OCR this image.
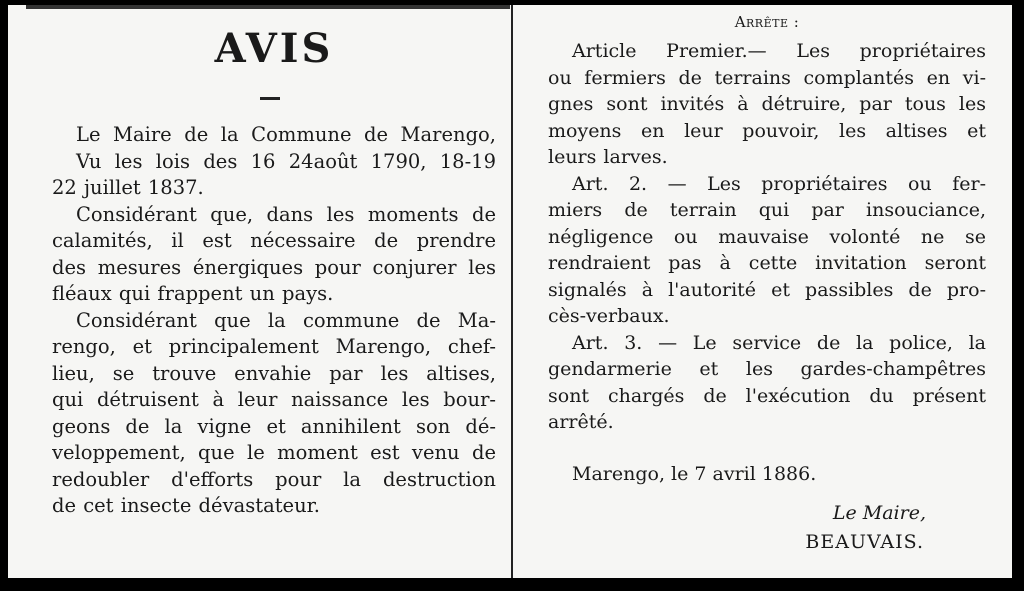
AVIS
Le Maire de la Commune de Marengo,
Vu les lois des 16 24août 1790, 18-19
22 juillet 1837.
Considérant que, dans les moments de
calamités, il est nécessaire de prendre
des mesures énergiques pour conjurer les
fléaux qui frappent un pays.
Considérant que la commune de Ma-
rengo, et principalement Marengo, chef-
lieu, se trouve envahie par les altises,
qui détruisent à leur naissance les bour-
geons de la vigne et annihilent son dé-
veloppement, que le moment est venu de
redoubler d'efforts pour la destruction
de cet insecte dévastateur.
Arrête :
Article Premier.— Les propriétaires
ou fermiers de terrains complantés en vi-
gnes sont invités à détruire, par tous les
moyens en leur pouvoir, les altises et
leurs larves.
Art. 2. — Les propriétaires ou fer-
miers de terrain qui par insouciance,
négligence ou mauvaise volonté ne se
rendraient pas à cette invitation seront
signalés à l'autorité et passibles de pro-
cès-verbaux.
Art. 3. — Le service de la police, la
gendarmerie et les gardes-champêtres
sont chargés de l'exécution du présent
arrêté.
Marengo, le 7 avril 1886.
Le Maire,
BEAUVAIS.
